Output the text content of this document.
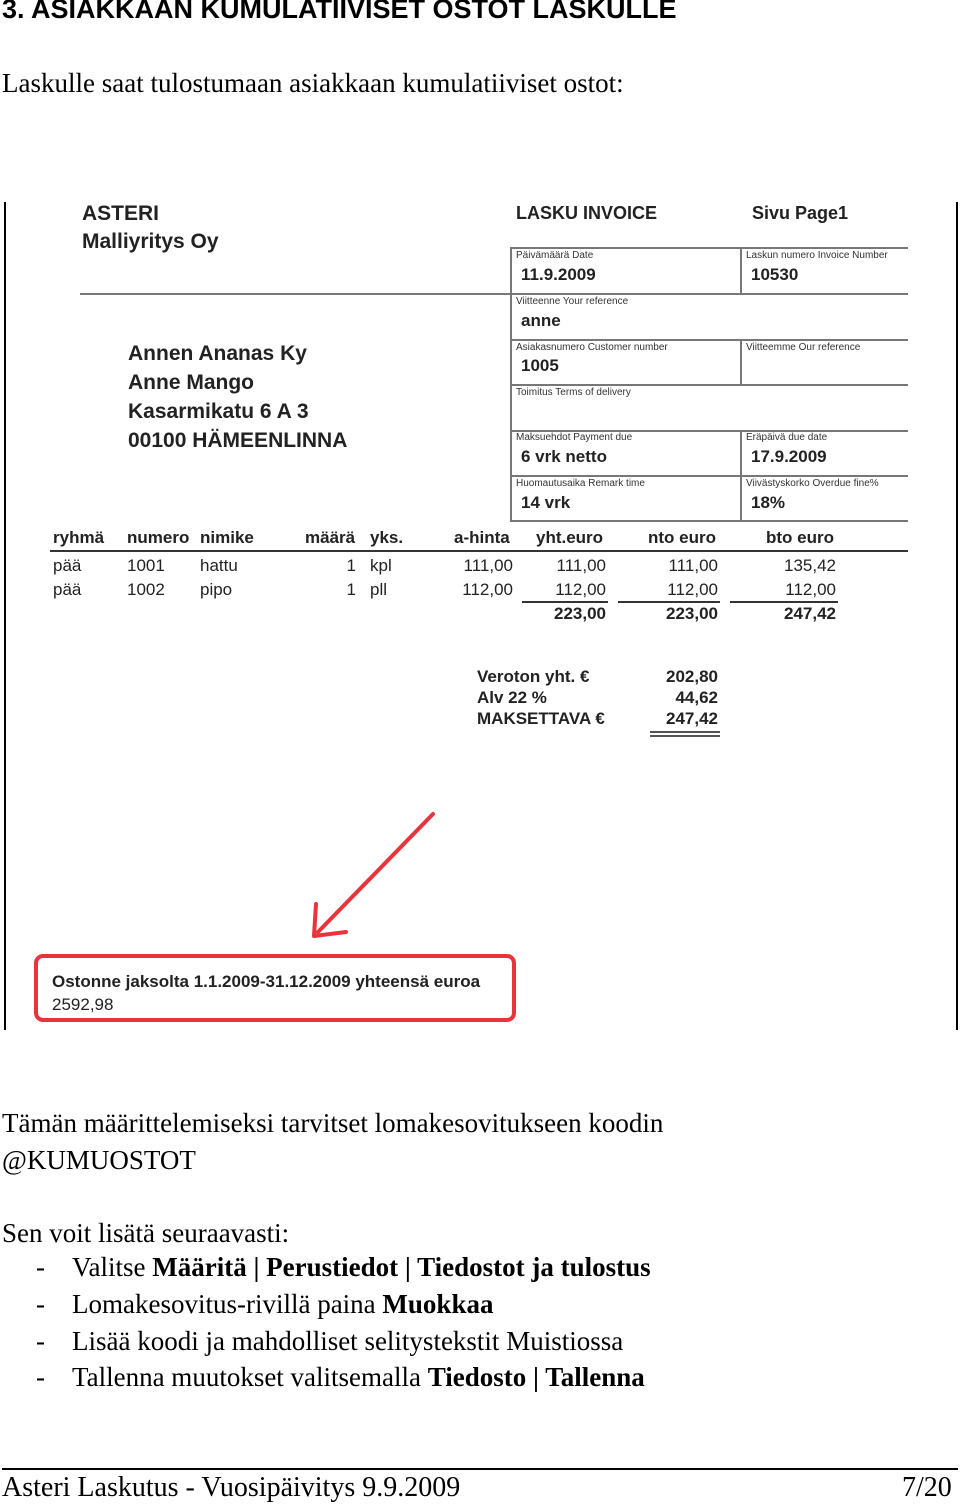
3. ASIAKKAAN KUMULATIIVISET OSTOT LASKULLE
Laskulle saat tulostumaan asiakkaan kumulatiiviset ostot:
ASTERI
Malliyritys Oy
LASKU INVOICE	Sivu Page1
Päivämäärä Date
11.9.2009
Laskun numero Invoice Number
10530
Viitteenne Your reference
anne
Asiakasnumero Customer number
1005
Viitteemme Our reference
Toimitus Terms of delivery
Maksuehdot Payment due
6 vrk netto
Eräpäivä due date
17.9.2009
Huomautusaika Remark time
14 vrk
Viivästyskorko Overdue fine%
18%
Annen Ananas Ky
Anne Mango
Kasarmikatu 6 A 3
00100 HÄMEENLINNA
ryhmä numero nimike	määrä yks.	a-hinta yht.euro	nto euro	bto euro
pää	1001 hattu	1 kpl	111,00	111,00	111,00	135,42
pää	1002 pipo	1 pll	112,00	112,00	112,00	112,00
223,00	223,00	247,42
Veroton yht. €	202,80
Alv 22 %	44,62
MAKSETTAVA €	247,42
Ostonne jaksolta 1.1.2009-31.12.2009 yhteensä euroa
2592,98
Tämän määrittelemiseksi tarvitset lomakesovitukseen koodin
@KUMUOSTOT
Sen voit lisätä seuraavasti:
- Valitse Määritä | Perustiedot | Tiedostot ja tulostus
- Lomakesovitus-rivillä paina Muokkaa
- Lisää koodi ja mahdolliset selitystekstit Muistiossa
- Tallenna muutokset valitsemalla Tiedosto | Tallenna
Asteri Laskutus - Vuosipäivitys 9.9.2009	7/20
